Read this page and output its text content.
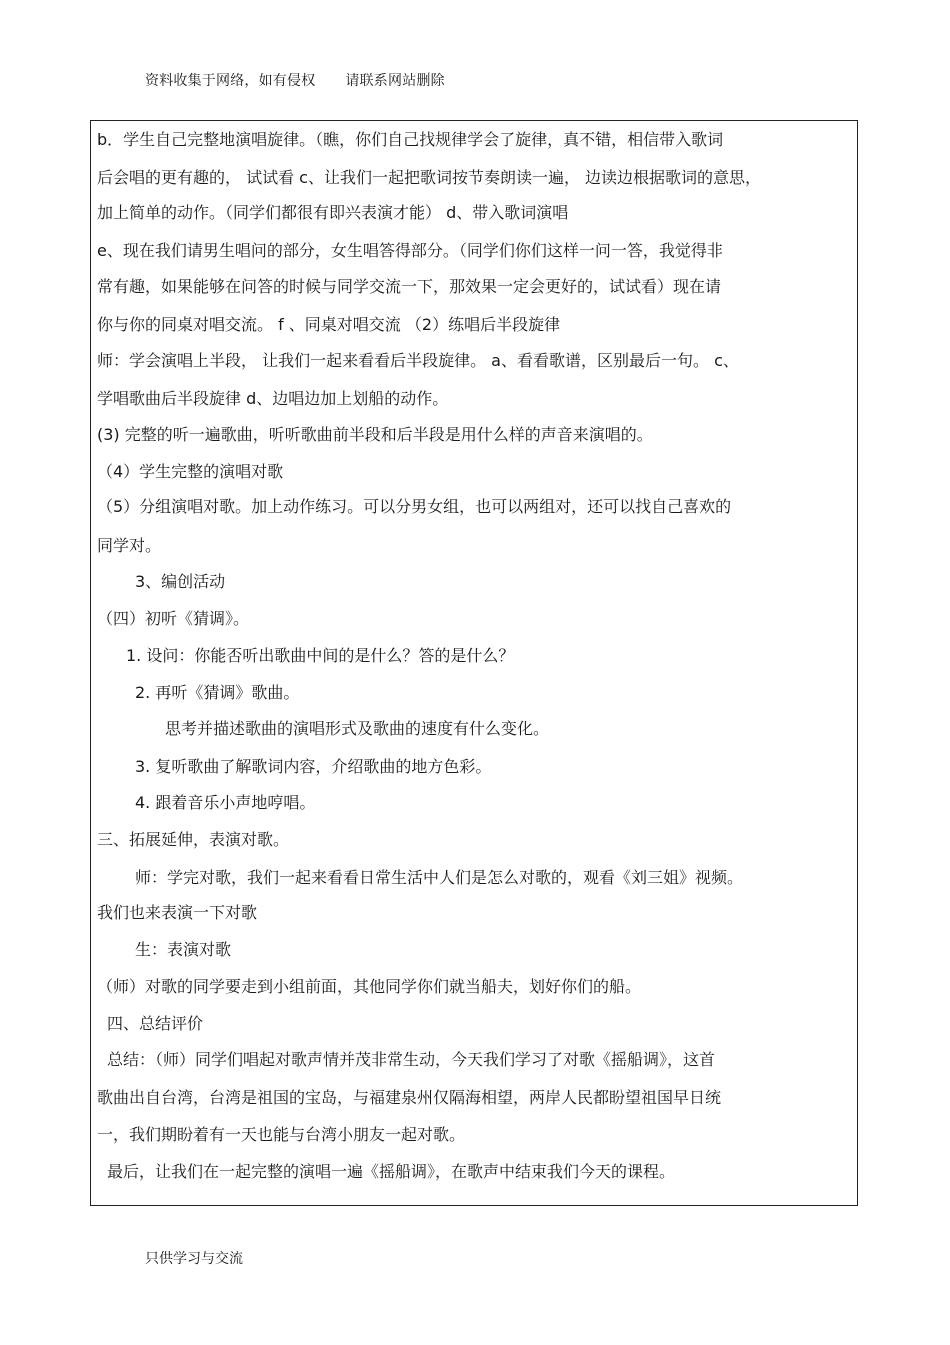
资料收集于网络，如有侵权 请联系网站删除
b．学生自己完整地演唱旋律。（瞧，你们自己找规律学会了旋律，真不错，相信带入歌词
后会唱的更有趣的， 试试看 c、让我们一起把歌词按节奏朗读一遍， 边读边根据歌词的意思，
加上简单的动作。（同学们都很有即兴表演才能） d、带入歌词演唱
e、现在我们请男生唱问的部分，女生唱答得部分。（同学们你们这样一问一答，我觉得非
常有趣，如果能够在问答的时候与同学交流一下，那效果一定会更好的，试试看）现在请
你与你的同桌对唱交流。 f 、同桌对唱交流 （2）练唱后半段旋律
师：学会演唱上半段， 让我们一起来看看后半段旋律。 a、看看歌谱，区别最后一句。 c、
学唱歌曲后半段旋律 d、边唱边加上划船的动作。
(3) 完整的听一遍歌曲，听听歌曲前半段和后半段是用什么样的声音来演唱的。
（4）学生完整的演唱对歌
（5）分组演唱对歌。加上动作练习。可以分男女组，也可以两组对，还可以找自己喜欢的
同学对。
3、编创活动
（四）初听《猜调》。
1. 设问：你能否听出歌曲中间的是什么？答的是什么？
2. 再听《猜调》歌曲。
思考并描述歌曲的演唱形式及歌曲的速度有什么变化。
3. 复听歌曲了解歌词内容，介绍歌曲的地方色彩。
4. 跟着音乐小声地哼唱。
三、拓展延伸，表演对歌。
师：学完对歌，我们一起来看看日常生活中人们是怎么对歌的，观看《刘三姐》视频。
我们也来表演一下对歌
生：表演对歌
（师）对歌的同学要走到小组前面，其他同学你们就当船夫，划好你们的船。
四、总结评价
总结：（师）同学们唱起对歌声情并茂非常生动，今天我们学习了对歌《摇船调》，这首
歌曲出自台湾，台湾是祖国的宝岛，与福建泉州仅隔海相望，两岸人民都盼望祖国早日统
一，我们期盼着有一天也能与台湾小朋友一起对歌。
最后，让我们在一起完整的演唱一遍《摇船调》，在歌声中结束我们今天的课程。
只供学习与交流
